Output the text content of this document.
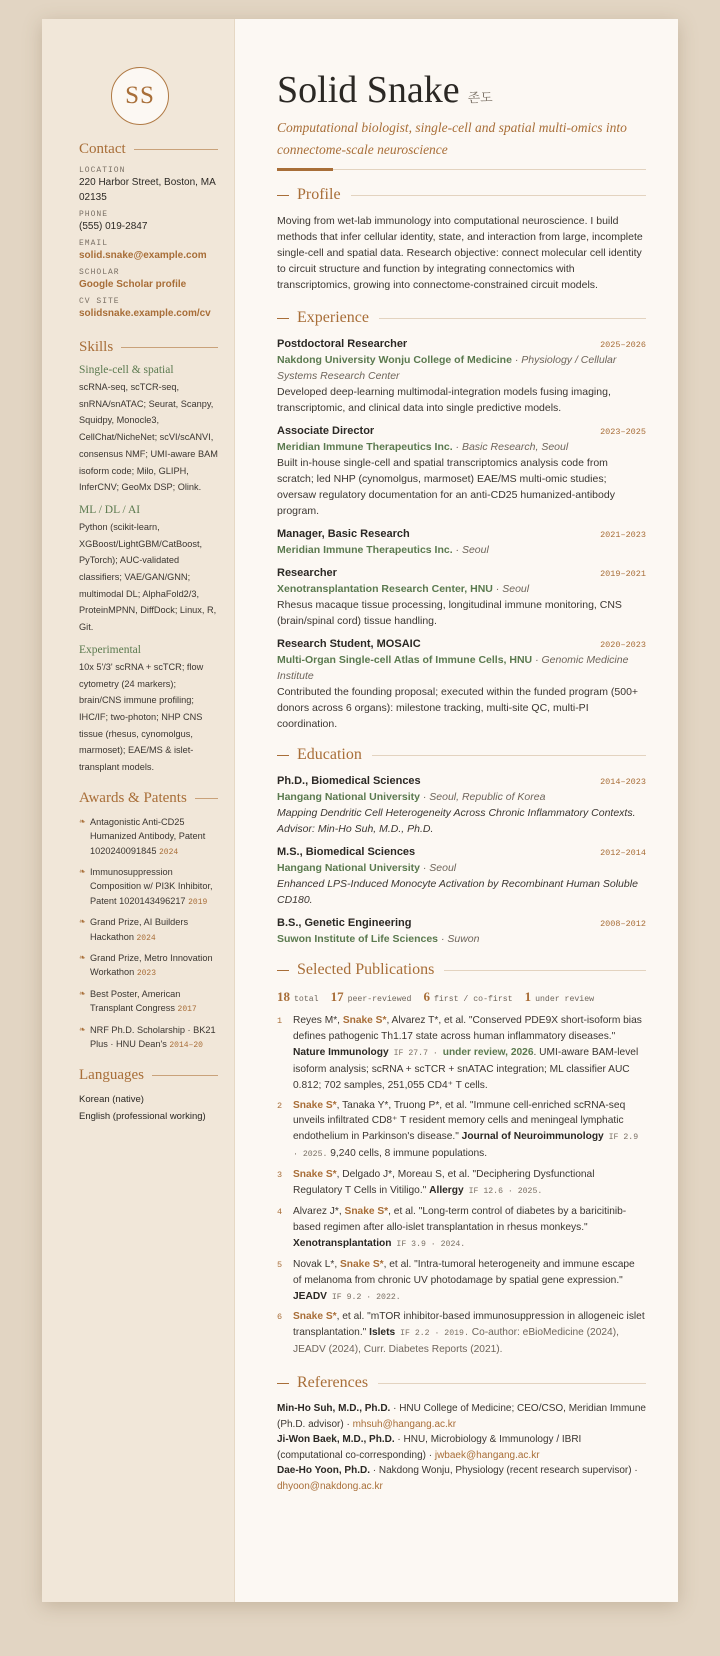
SS
Contact
LOCATION
220 Harbor Street, Boston, MA 02135
PHONE
(555) 019-2847
EMAIL
solid.snake@example.com
SCHOLAR
Google Scholar profile
CV SITE
solidsnake.example.com/cv
Skills
Single-cell & spatial
scRNA-seq, scTCR-seq, snRNA/snATAC; Seurat, Scanpy, Squidpy, Monocle3, CellChat/NicheNet; scVI/scANVI, consensus NMF; UMI-aware BAM isoform code; Milo, GLIPH, InferCNV; GeoMx DSP; Olink.
ML / DL / AI
Python (scikit-learn, XGBoost/LightGBM/CatBoost, PyTorch); AUC-validated classifiers; VAE/GAN/GNN; multimodal DL; AlphaFold2/3, ProteinMPNN, DiffDock; Linux, R, Git.
Experimental
10x 5'/3' scRNA + scTCR; flow cytometry (24 markers); brain/CNS immune profiling; IHC/IF; two-photon; NHP CNS tissue (rhesus, cynomolgus, marmoset); EAE/MS & islet-transplant models.
Awards & Patents
❧ Antagonistic Anti-CD25 Humanized Antibody, Patent 1020240091845 2024
❧ Immunosuppression Composition w/ PI3K Inhibitor, Patent 1020143496217 2019
❧ Grand Prize, AI Builders Hackathon 2024
❧ Grand Prize, Metro Innovation Workathon 2023
❧ Best Poster, American Transplant Congress 2017
❧ NRF Ph.D. Scholarship · BK21 Plus · HNU Dean's 2014–20
Languages
Korean (native)
English (professional working)
Solid Snake 존도
Computational biologist, single-cell and spatial multi-omics into connectome-scale neuroscience
Profile
Moving from wet-lab immunology into computational neuroscience. I build methods that infer cellular identity, state, and interaction from large, incomplete single-cell and spatial data. Research objective: connect molecular cell identity to circuit structure and function by integrating connectomics with transcriptomics, growing into connectome-constrained circuit models.
Experience
Postdoctoral Researcher	2025–2026
Nakdong University Wonju College of Medicine · Physiology / Cellular Systems Research Center
Developed deep-learning multimodal-integration models fusing imaging, transcriptomic, and clinical data into single predictive models.
Associate Director	2023–2025
Meridian Immune Therapeutics Inc. · Basic Research, Seoul
Built in-house single-cell and spatial transcriptomics analysis code from scratch; led NHP (cynomolgus, marmoset) EAE/MS multi-omic studies; oversaw regulatory documentation for an anti-CD25 humanized-antibody program.
Manager, Basic Research	2021–2023
Meridian Immune Therapeutics Inc. · Seoul
Researcher	2019–2021
Xenotransplantation Research Center, HNU · Seoul
Rhesus macaque tissue processing, longitudinal immune monitoring, CNS (brain/spinal cord) tissue handling.
Research Student, MOSAIC	2020–2023
Multi-Organ Single-cell Atlas of Immune Cells, HNU · Genomic Medicine Institute
Contributed the founding proposal; executed within the funded program (500+ donors across 6 organs): milestone tracking, multi-site QC, multi-PI coordination.
Education
Ph.D., Biomedical Sciences	2014–2023
Hangang National University · Seoul, Republic of Korea
Mapping Dendritic Cell Heterogeneity Across Chronic Inflammatory Contexts. Advisor: Min-Ho Suh, M.D., Ph.D.
M.S., Biomedical Sciences	2012–2014
Hangang National University · Seoul
Enhanced LPS-Induced Monocyte Activation by Recombinant Human Soluble CD180.
B.S., Genetic Engineering	2008–2012
Suwon Institute of Life Sciences · Suwon
Selected Publications
18 total 17 peer-reviewed 6 first / co-first 1 under review
1	Reyes M*, Snake S*, Alvarez T*, et al. "Conserved PDE9X short-isoform bias defines pathogenic Th1.17 state across human inflammatory diseases." Nature Immunology IF 27.7 · under review, 2026. UMI-aware BAM-level isoform analysis; scRNA + scTCR + snATAC integration; ML classifier AUC 0.812; 702 samples, 251,055 CD4⁺ T cells.
2	Snake S*, Tanaka Y*, Truong P*, et al. "Immune cell-enriched scRNA-seq unveils infiltrated CD8⁺ T resident memory cells and meningeal lymphatic endothelium in Parkinson's disease." Journal of Neuroimmunology IF 2.9 · 2025. 9,240 cells, 8 immune populations.
3	Snake S*, Delgado J*, Moreau S, et al. "Deciphering Dysfunctional Regulatory T Cells in Vitiligo." Allergy IF 12.6 · 2025.
4	Alvarez J*, Snake S*, et al. "Long-term control of diabetes by a baricitinib-based regimen after allo-islet transplantation in rhesus monkeys." Xenotransplantation IF 3.9 · 2024.
5	Novak L*, Snake S*, et al. "Intra-tumoral heterogeneity and immune escape of melanoma from chronic UV photodamage by spatial gene expression." JEADV IF 9.2 · 2022.
6	Snake S*, et al. "mTOR inhibitor-based immunosuppression in allogeneic islet transplantation." Islets IF 2.2 · 2019. Co-author: eBioMedicine (2024), JEADV (2024), Curr. Diabetes Reports (2021).
References
Min-Ho Suh, M.D., Ph.D. · HNU College of Medicine; CEO/CSO, Meridian Immune (Ph.D. advisor) · mhsuh@hangang.ac.kr
Ji-Won Baek, M.D., Ph.D. · HNU, Microbiology & Immunology / IBRI (computational co-corresponding) · jwbaek@hangang.ac.kr
Dae-Ho Yoon, Ph.D. · Nakdong Wonju, Physiology (recent research supervisor) · dhyoon@nakdong.ac.kr
